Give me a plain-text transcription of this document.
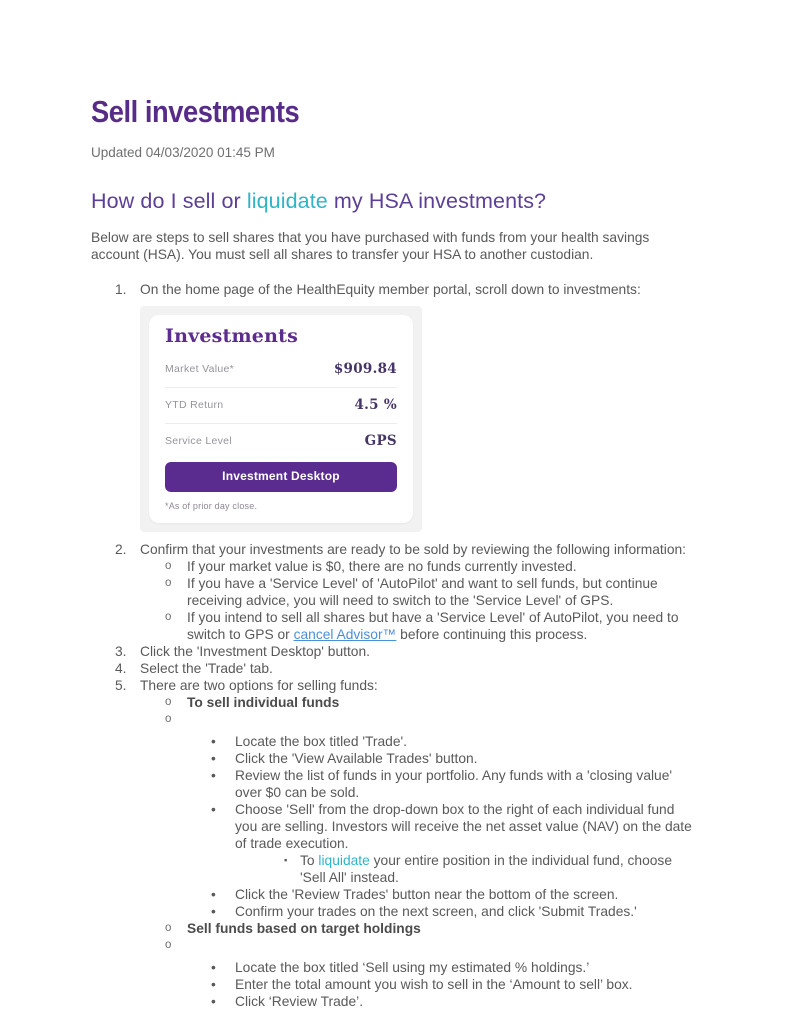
Sell investments
Updated 04/03/2020 01:45 PM
How do I sell or liquidate my HSA investments?

Below are steps to sell shares that you have purchased with funds from your health savings account (HSA). You must sell all shares to transfer your HSA to another custodian.

1. On the home page of the HealthEquity member portal, scroll down to investments:
Investments
Market Value*	$909.84
YTD Return	4.5 %
Service Level	GPS
Investment Desktop
*As of prior day close.
2. Confirm that your investments are ready to be sold by reviewing the following information:
o	If your market value is $0, there are no funds currently invested.
o	If you have a 'Service Level' of 'AutoPilot' and want to sell funds, but continue receiving advice, you will need to switch to the 'Service Level' of GPS.
o	If you intend to sell all shares but have a 'Service Level' of AutoPilot, you need to switch to GPS or cancel Advisor™ before continuing this process.
3. Click the 'Investment Desktop' button.
4. Select the 'Trade' tab.
5. There are two options for selling funds:
o	To sell individual funds
o
•	Locate the box titled 'Trade'.
•	Click the 'View Available Trades' button.
•	Review the list of funds in your portfolio. Any funds with a 'closing value' over $0 can be sold.
•	Choose 'Sell' from the drop-down box to the right of each individual fund you are selling. Investors will receive the net asset value (NAV) on the date of trade execution.
▪ To liquidate your entire position in the individual fund, choose 'Sell All' instead.
•	Click the 'Review Trades' button near the bottom of the screen.
•	Confirm your trades on the next screen, and click 'Submit Trades.'
o	Sell funds based on target holdings
o
•	Locate the box titled ‘Sell using my estimated % holdings.’
•	Enter the total amount you wish to sell in the ‘Amount to sell’ box.
•	Click ‘Review Trade’.
